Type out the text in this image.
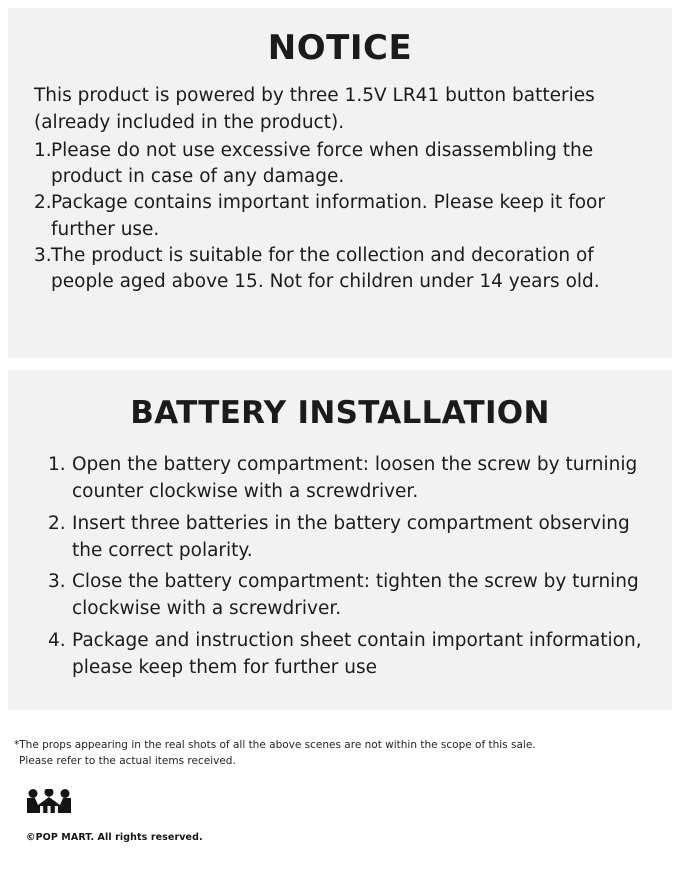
NOTICE

This product is powered by three 1.5V LR41 button batteries (already included in the product).

1. Please do not use excessive force when disassembling the product in case of any damage.
2. Package contains important information. Please keep it foor further use.
3. The product is suitable for the collection and decoration of people aged above 15. Not for children under 14 years old.
BATTERY INSTALLATION
1. Open the battery compartment: loosen the screw by turninig counter clockwise with a screwdriver.
2. Insert three batteries in the battery compartment observing the correct polarity.
3. Close the battery compartment: tighten the screw by turning clockwise with a screwdriver.
4. Package and instruction sheet contain important information, please keep them for further use
*The props appearing in the real shots of all the above scenes are not within the scope of this sale.
Please refer to the actual items received.
©POP MART. All rights reserved.
